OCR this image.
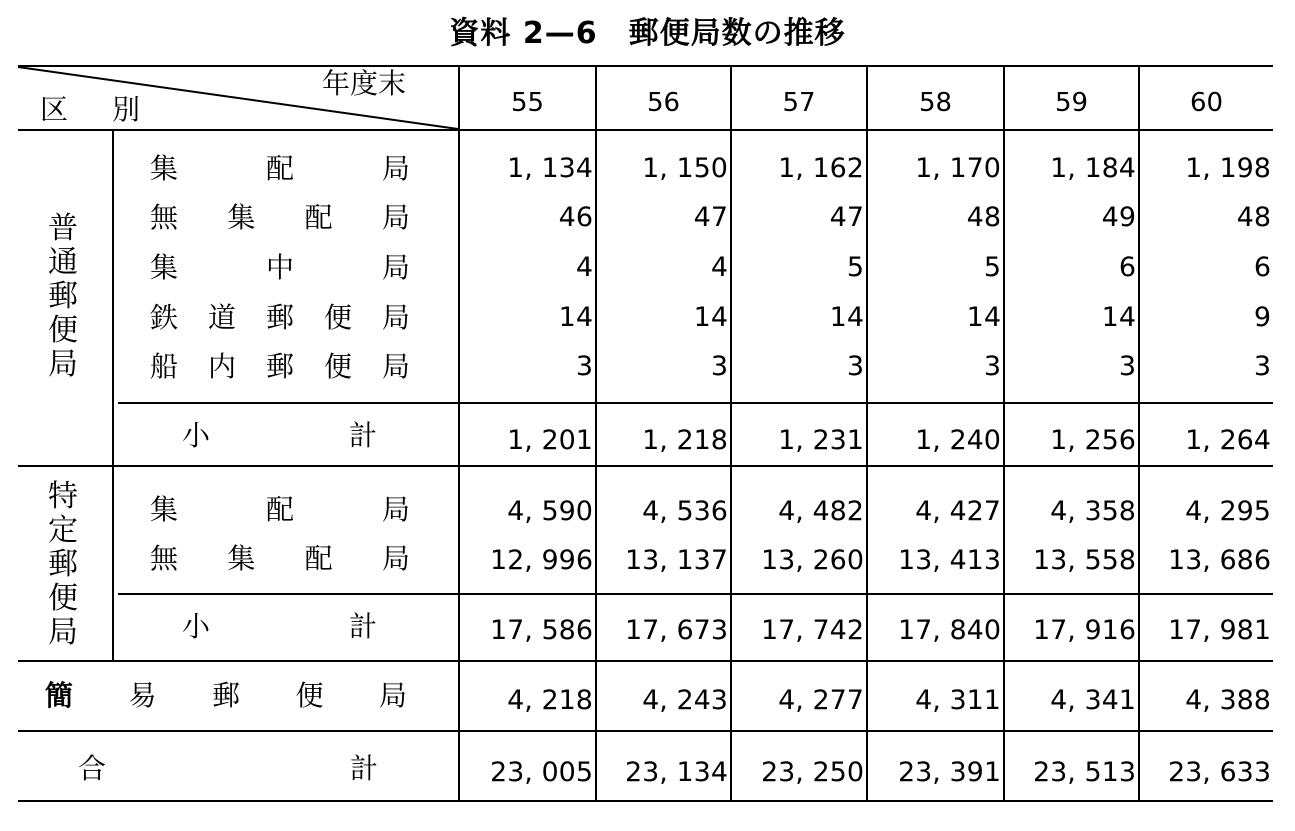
資料 2—6　郵便局数の推移
年度末
区　別	55	56	57	58	59	60
普
通
郵
便
局
集	配	局	1, 134	1, 150	1, 162	1, 170	1, 184	1, 198
無 集 配 局	46	47	47	48	49	48
集	中	局	4	4	5	5	6	6
鉄 道 郵 便 局	14	14	14	14	14	9
船 内 郵 便 局	3	3	3	3	3	3
小	計	1, 201	1, 218	1, 231	1, 240	1, 256	1, 264
特
定
郵
便
局
集	配	局	4, 590	4, 536	4, 482	4, 427	4, 358	4, 295
無 集 配 局	12, 996	13, 137	13, 260	13, 413	13, 558	13, 686
小	計	17, 586	17, 673	17, 742	17, 840	17, 916	17, 981
簡 易 郵 便 局	4, 218	4, 243	4, 277	4, 311	4, 341	4, 388
合	計	23, 005	23, 134	23, 250	23, 391	23, 513	23, 633
